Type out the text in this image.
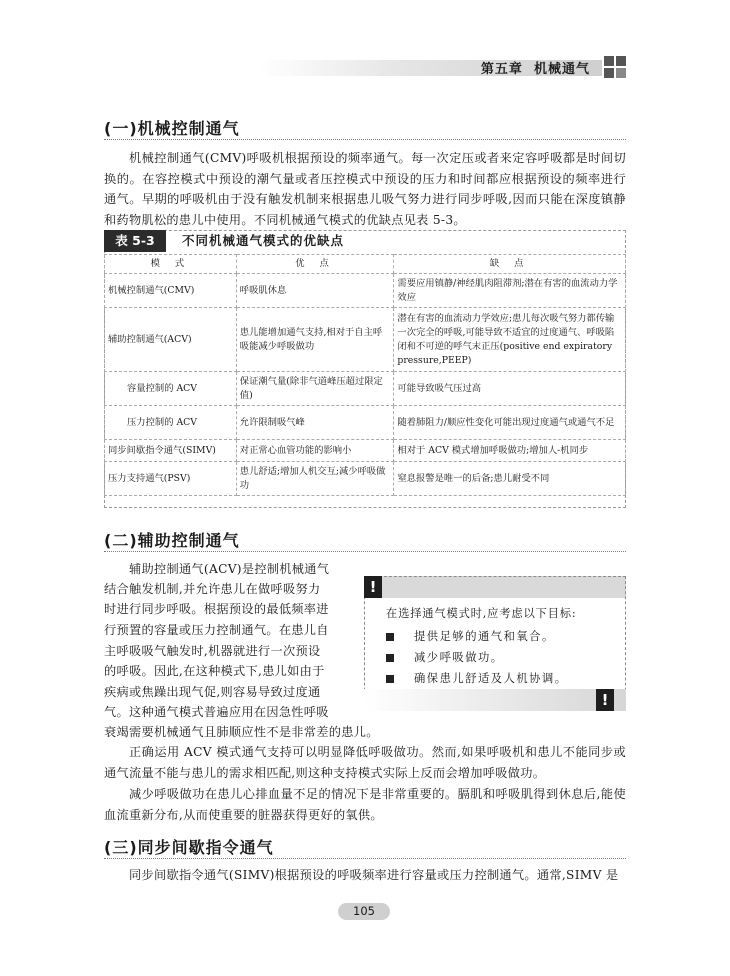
第五章 机械通气
(一)机械控制通气
机械控制通气(CMV)呼吸机根据预设的频率通气。每一次定压或者来定容呼吸都是时间切换的。在容控模式中预设的潮气量或者压控模式中预设的压力和时间都应根据预设的频率进行通气。早期的呼吸机由于没有触发机制来根据患儿吸气努力进行同步呼吸,因而只能在深度镇静和药物肌松的患儿中使用。不同机械通气模式的优缺点见表 5-3。
表 5-3	不同机械通气模式的优缺点
模 式	优 点	缺 点
机械控制通气(CMV)	呼吸肌休息	需要应用镇静/神经肌肉阻滞剂;潜在有害的血流动力学效应
辅助控制通气(ACV)	患儿能增加通气支持,相对于自主呼吸能减少呼吸做功	潜在有害的血流动力学效应;患儿每次吸气努力都传输一次完全的呼吸,可能导致不适宜的过度通气、呼吸陷闭和不可逆的呼气末正压(positive end expiratory pressure,PEEP)
容量控制的 ACV	保证潮气量(除非气道峰压超过限定值)	可能导致吸气压过高
压力控制的 ACV	允许限制吸气峰	随着肺阻力/顺应性变化可能出现过度通气或通气不足
同步间歇指令通气(SIMV)	对正常心血管功能的影响小	相对于 ACV 模式增加呼吸做功;增加人-机同步
压力支持通气(PSV)	患儿舒适;增加人机交互;减少呼吸做功	窒息报警是唯一的后备;患儿耐受不同
(二)辅助控制通气
辅助控制通气(ACV)是控制机械通气
结合触发机制,并允许患儿在做呼吸努力
时进行同步呼吸。根据预设的最低频率进
行预置的容量或压力控制通气。在患儿自
主呼吸吸气触发时,机器就进行一次预设
的呼吸。因此,在这种模式下,患儿如由于
疾病或焦躁出现气促,则容易导致过度通
气。这种通气模式普遍应用在因急性呼吸
衰竭需要机械通气且肺顺应性不是非常差的患儿。
正确运用 ACV 模式通气支持可以明显降低呼吸做功。然而,如果呼吸机和患儿不能同步或通气流量不能与患儿的需求相匹配,则这种支持模式实际上反而会增加呼吸做功。
减少呼吸做功在患儿心排血量不足的情况下是非常重要的。膈肌和呼吸肌得到休息后,能使血流重新分布,从而使重要的脏器获得更好的氧供。
!
在选择通气模式时,应考虑以下目标:
提供足够的通气和氧合。
减少呼吸做功。
确保患儿舒适及人机协调。
!
(三)同步间歇指令通气
同步间歇指令通气(SIMV)根据预设的呼吸频率进行容量或压力控制通气。通常,SIMV 是
105
